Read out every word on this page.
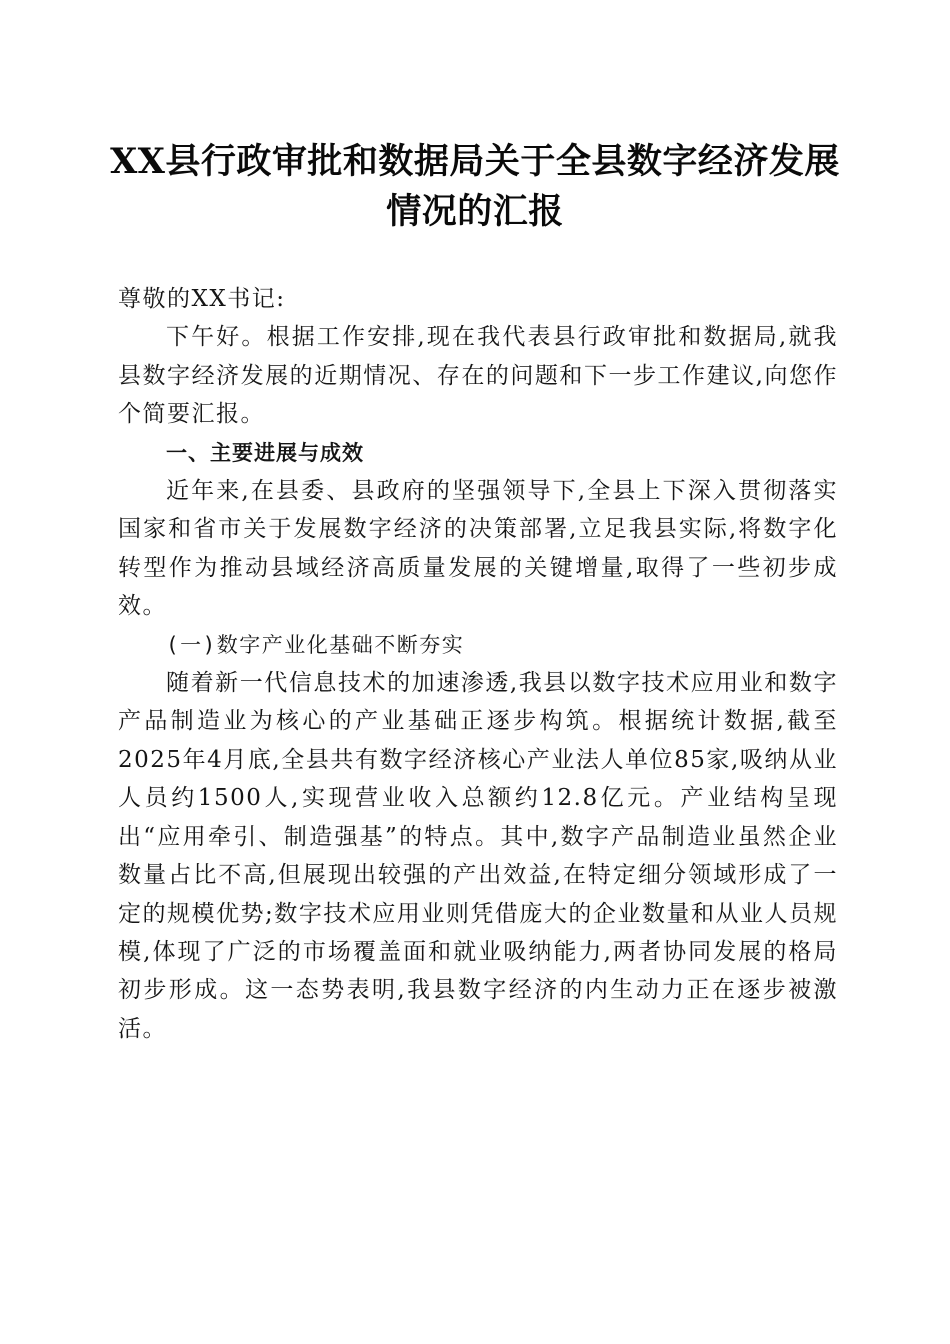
XX县行政审批和数据局关于全县数字经济发展情况的汇报

尊敬的XX书记:

下午好。根据工作安排,现在我代表县行政审批和数据局,就我县数字经济发展的近期情况、存在的问题和下一步工作建议,向您作个简要汇报。

一、主要进展与成效

近年来,在县委、县政府的坚强领导下,全县上下深入贯彻落实国家和省市关于发展数字经济的决策部署,立足我县实际,将数字化转型作为推动县域经济高质量发展的关键增量,取得了一些初步成效。

(一)数字产业化基础不断夯实

随着新一代信息技术的加速渗透,我县以数字技术应用业和数字产品制造业为核心的产业基础正逐步构筑。根据统计数据,截至2025年4月底,全县共有数字经济核心产业法人单位85家,吸纳从业人员约1500人,实现营业收入总额约12.8亿元。产业结构呈现出“应用牵引、制造强基”的特点。其中,数字产品制造业虽然企业数量占比不高,但展现出较强的产出效益,在特定细分领域形成了一定的规模优势;数字技术应用业则凭借庞大的企业数量和从业人员规模,体现了广泛的市场覆盖面和就业吸纳能力,两者协同发展的格局初步形成。这一态势表明,我县数字经济的内生动力正在逐步被激活。
